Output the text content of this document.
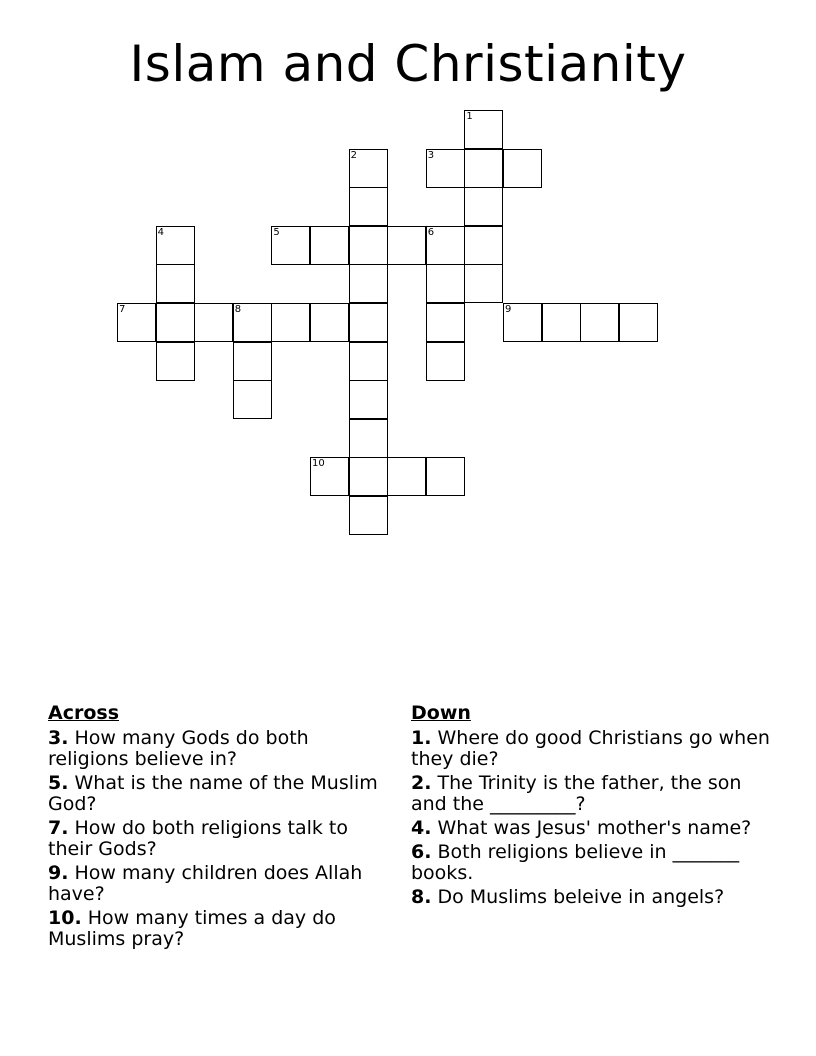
Islam and Christianity
1
2	3
4	5	6
7	8	9
10
Across
3. How many Gods do both religions believe in?
5. What is the name of the Muslim God?
7. How do both religions talk to their Gods?
9. How many children does Allah have?
10. How many times a day do Muslims pray?
Down
1. Where do good Christians go when they die?
2. The Trinity is the father, the son and the _________?
4. What was Jesus' mother's name?
6. Both religions believe in _______ books.
8. Do Muslims beleive in angels?
